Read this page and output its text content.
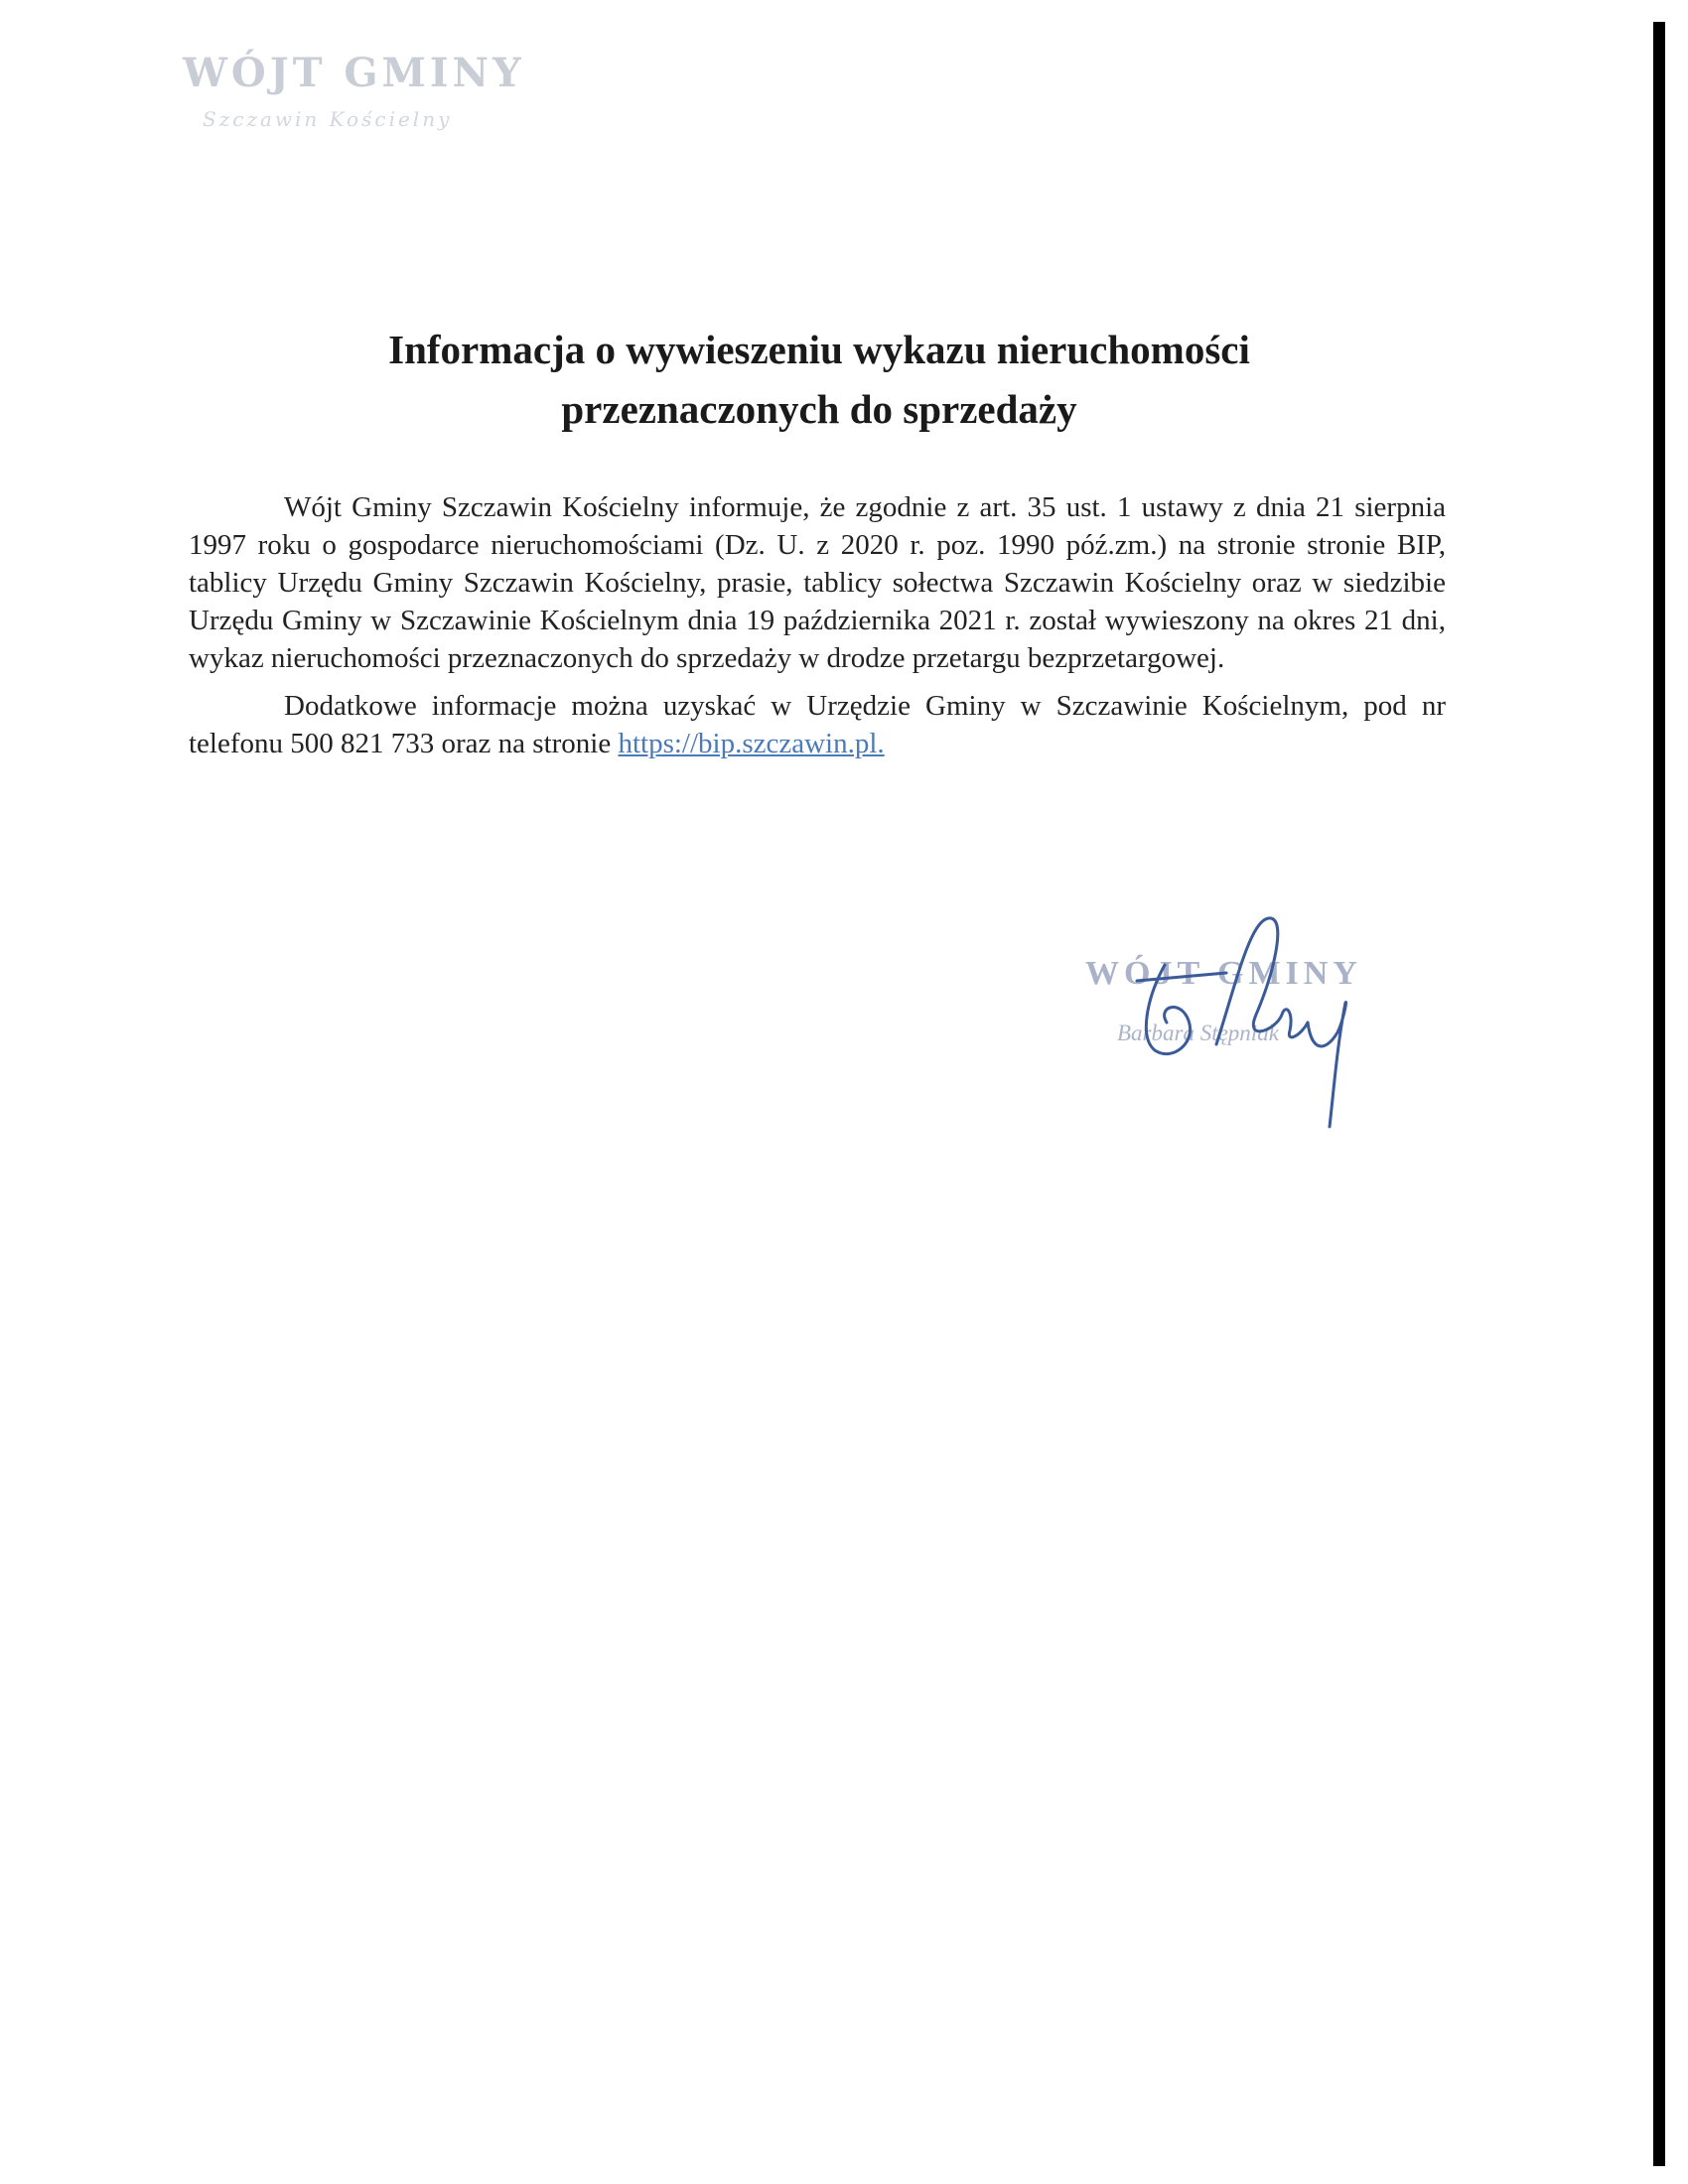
WÓJT GMINY
Szczawin Kościelny
Informacja o wywieszeniu wykazu nieruchomości
przeznaczonych do sprzedaży

Wójt Gminy Szczawin Kościelny informuje, że zgodnie z art. 35 ust. 1 ustawy z dnia 21 sierpnia 1997 roku o gospodarce nieruchomościami (Dz. U. z 2020 r. poz. 1990 póź.zm.) na stronie stronie BIP, tablicy Urzędu Gminy Szczawin Kościelny, prasie, tablicy sołectwa Szczawin Kościelny oraz w siedzibie Urzędu Gminy w Szczawinie Kościelnym dnia 19 października 2021 r. został wywieszony na okres 21 dni, wykaz nieruchomości przeznaczonych do sprzedaży w drodze przetargu bezprzetargowej.

Dodatkowe informacje można uzyskać w Urzędzie Gminy w Szczawinie Kościelnym, pod nr telefonu 500 821 733 oraz na stronie https://bip.szczawin.pl.

WÓJT GMINY
Barbara Stępniak
